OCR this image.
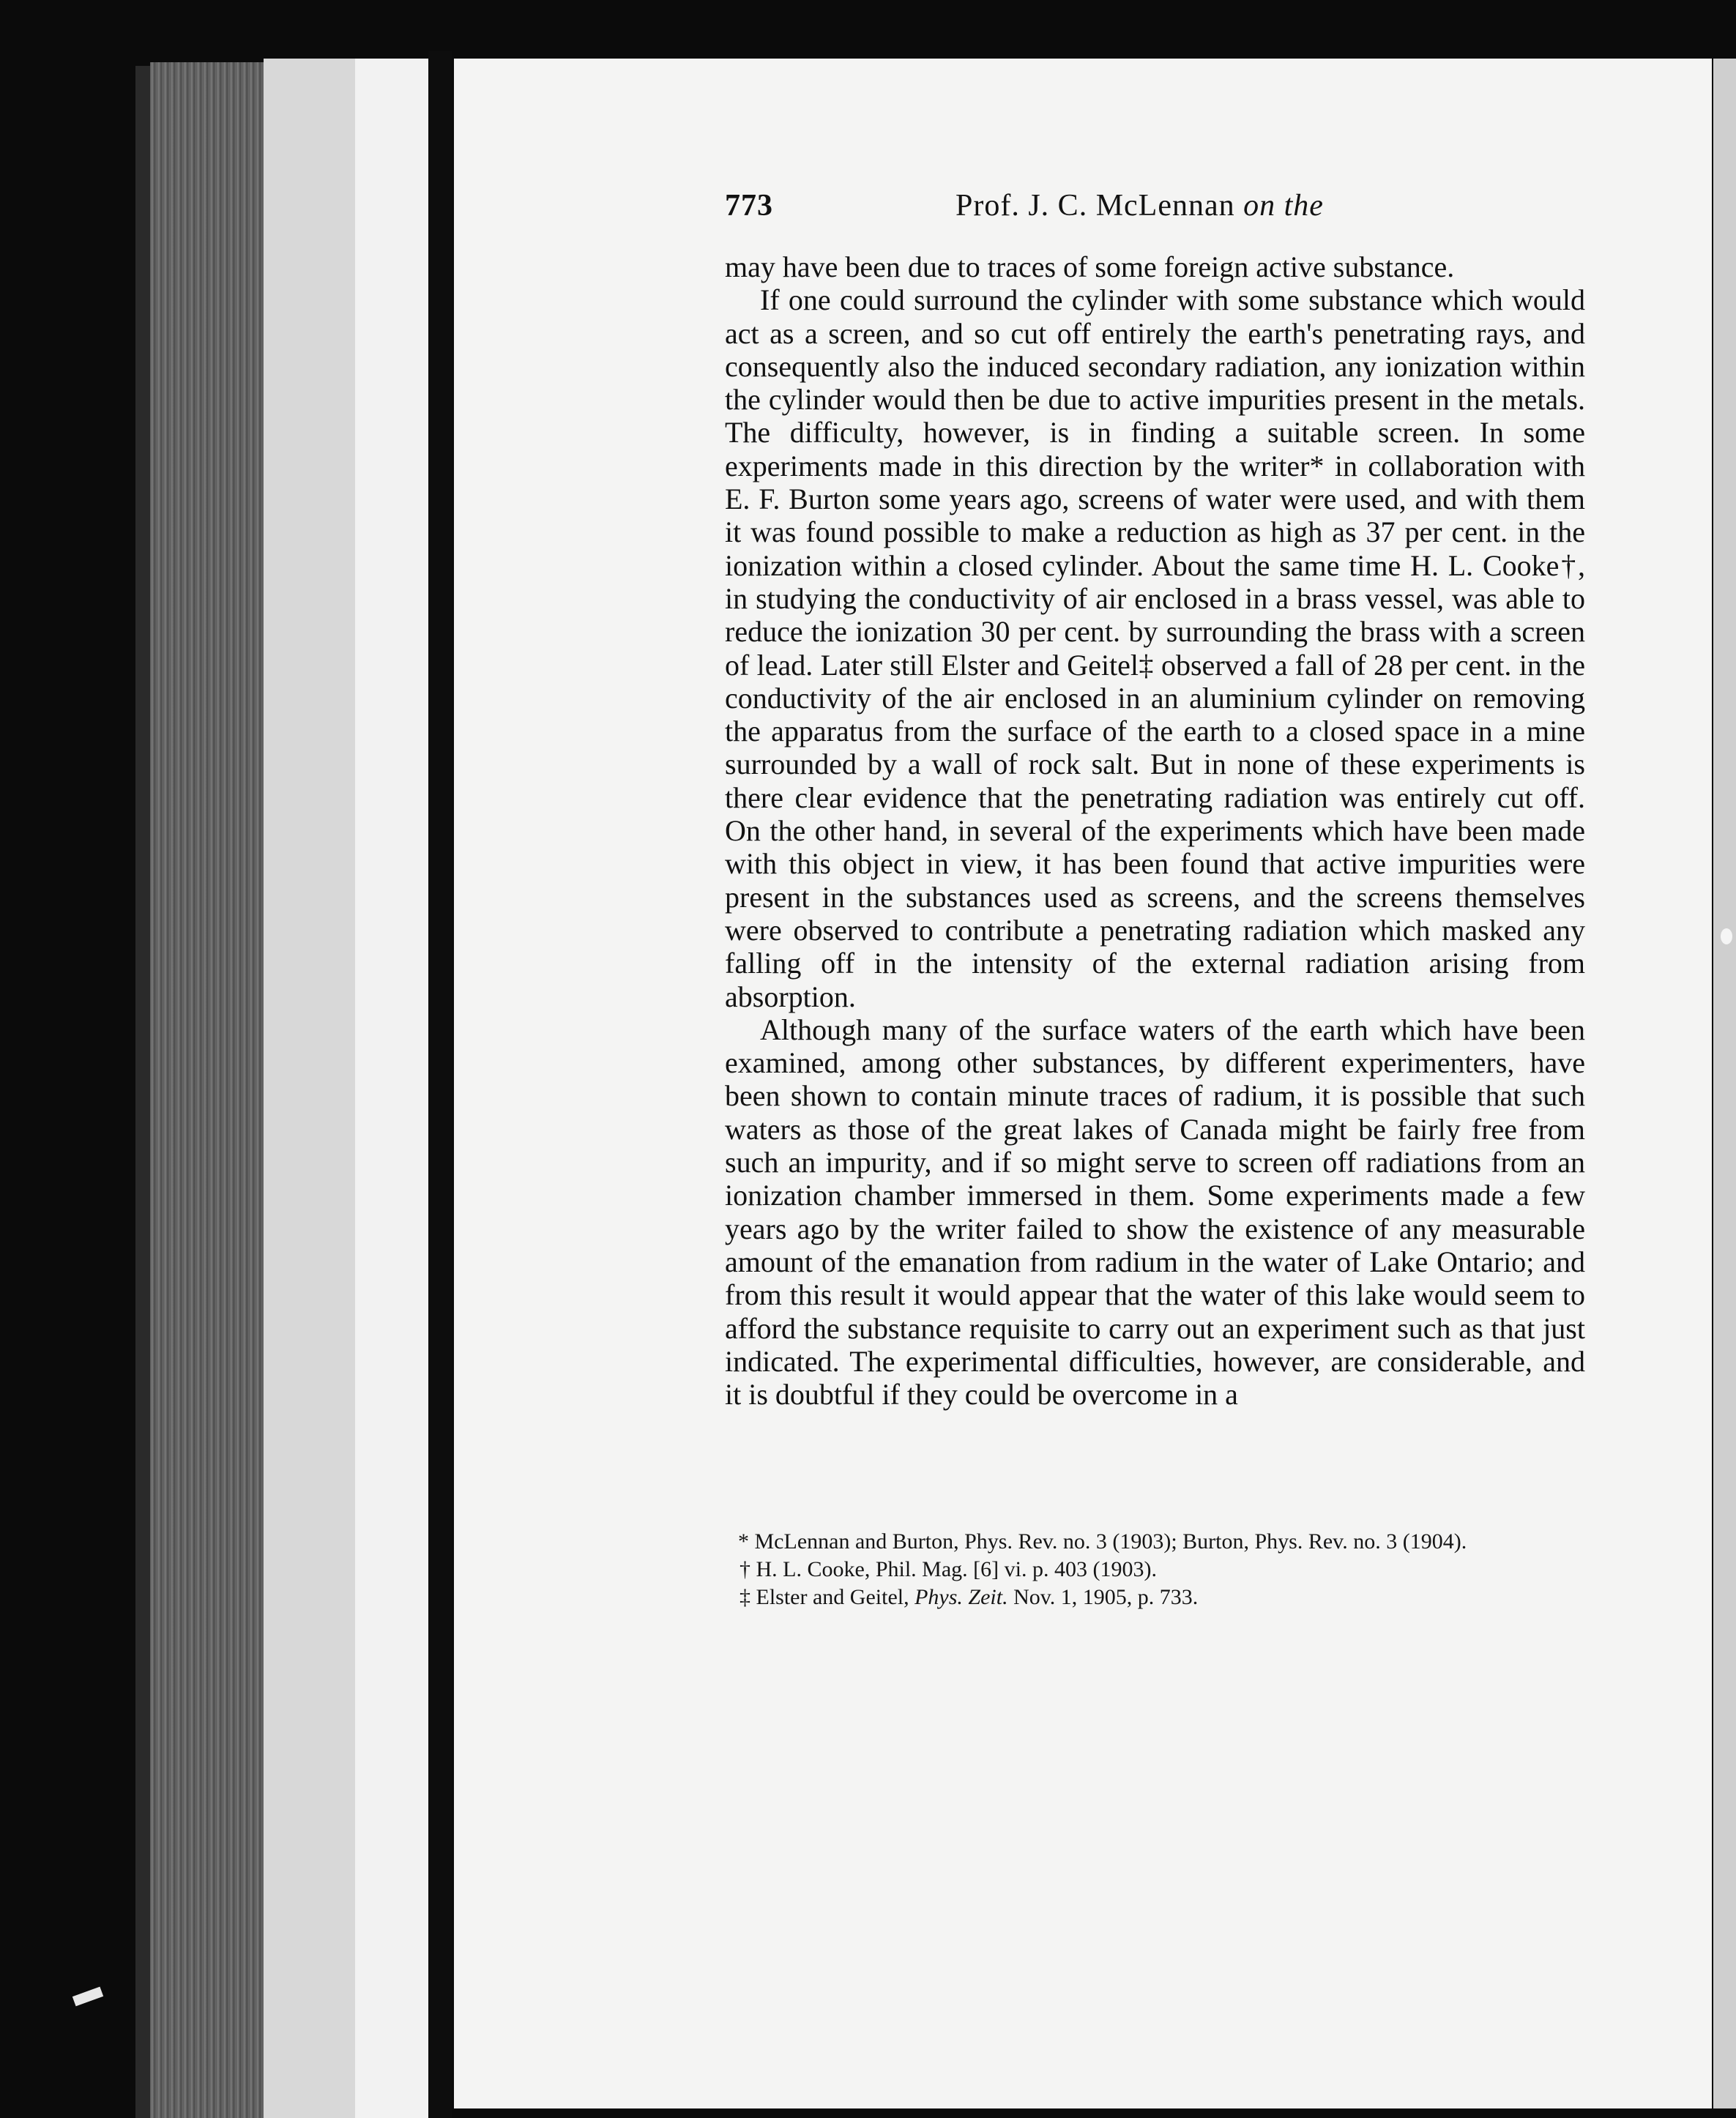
773	Prof. J. C. McLennan on the

may have been due to traces of some foreign active substance.

If one could surround the cylinder with some substance which would act as a screen, and so cut off entirely the earth's penetrating rays, and consequently also the induced secondary radiation, any ionization within the cylinder would then be due to active impurities present in the metals. The difficulty, however, is in finding a suitable screen. In some experiments made in this direction by the writer* in collaboration with E. F. Burton some years ago, screens of water were used, and with them it was found possible to make a reduction as high as 37 per cent. in the ionization within a closed cylinder. About the same time H. L. Cooke†, in studying the conductivity of air enclosed in a brass vessel, was able to reduce the ionization 30 per cent. by surrounding the brass with a screen of lead. Later still Elster and Geitel‡ observed a fall of 28 per cent. in the conductivity of the air enclosed in an aluminium cylinder on removing the apparatus from the surface of the earth to a closed space in a mine surrounded by a wall of rock salt. But in none of these experiments is there clear evidence that the penetrating radiation was entirely cut off. On the other hand, in several of the experiments which have been made with this object in view, it has been found that active impurities were present in the substances used as screens, and the screens themselves were observed to contribute a penetrating radiation which masked any falling off in the intensity of the external radiation arising from absorption.

Although many of the surface waters of the earth which have been examined, among other substances, by different experimenters, have been shown to contain minute traces of radium, it is possible that such waters as those of the great lakes of Canada might be fairly free from such an impurity, and if so might serve to screen off radiations from an ionization chamber immersed in them. Some experiments made a few years ago by the writer failed to show the existence of any measurable amount of the emanation from radium in the water of Lake Ontario; and from this result it would appear that the water of this lake would seem to afford the substance requisite to carry out an experiment such as that just indicated. The experimental difficulties, however, are considerable, and it is doubtful if they could be overcome in a

* McLennan and Burton, Phys. Rev. no. 3 (1903); Burton, Phys. Rev. no. 3 (1904).

† H. L. Cooke, Phil. Mag. [6] vi. p. 403 (1903).

‡ Elster and Geitel, Phys. Zeit. Nov. 1, 1905, p. 733.
